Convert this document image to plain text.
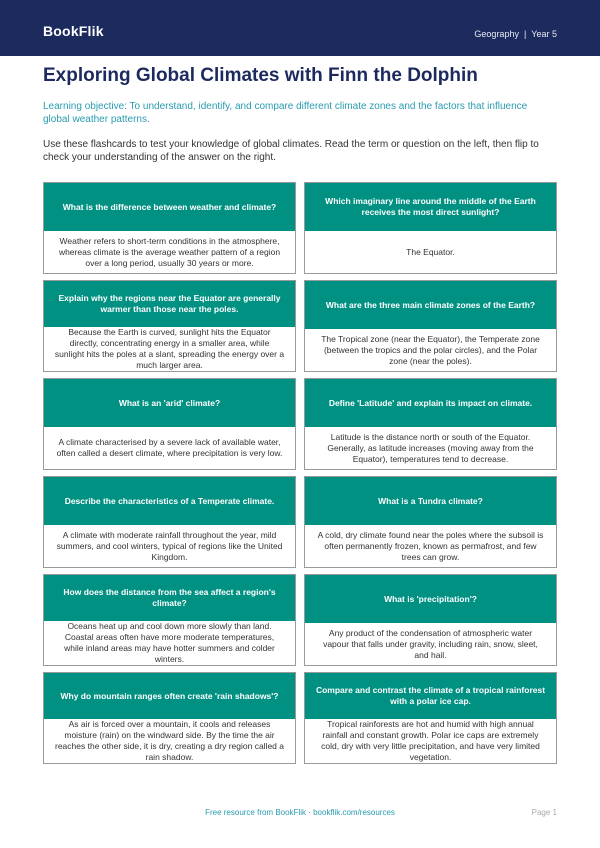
BookFlik	Geography | Year 5
Exploring Global Climates with Finn the Dolphin
Learning objective: To understand, identify, and compare different climate zones and the factors that influence global weather patterns.
Use these flashcards to test your knowledge of global climates. Read the term or question on the left, then flip to check your understanding of the answer on the right.
What is the difference between weather and climate?
Weather refers to short-term conditions in the atmosphere, whereas climate is the average weather pattern of a region over a long period, usually 30 years or more.
Which imaginary line around the middle of the Earth receives the most direct sunlight?
The Equator.
Explain why the regions near the Equator are generally warmer than those near the poles.
Because the Earth is curved, sunlight hits the Equator directly, concentrating energy in a smaller area, while sunlight hits the poles at a slant, spreading the energy over a much larger area.
What are the three main climate zones of the Earth?
The Tropical zone (near the Equator), the Temperate zone (between the tropics and the polar circles), and the Polar zone (near the poles).
What is an 'arid' climate?
A climate characterised by a severe lack of available water, often called a desert climate, where precipitation is very low.
Define 'Latitude' and explain its impact on climate.
Latitude is the distance north or south of the Equator. Generally, as latitude increases (moving away from the Equator), temperatures tend to decrease.
Describe the characteristics of a Temperate climate.
A climate with moderate rainfall throughout the year, mild summers, and cool winters, typical of regions like the United Kingdom.
What is a Tundra climate?
A cold, dry climate found near the poles where the subsoil is often permanently frozen, known as permafrost, and few trees can grow.
How does the distance from the sea affect a region's climate?
Oceans heat up and cool down more slowly than land. Coastal areas often have more moderate temperatures, while inland areas may have hotter summers and colder winters.
What is 'precipitation'?
Any product of the condensation of atmospheric water vapour that falls under gravity, including rain, snow, sleet, and hail.
Why do mountain ranges often create 'rain shadows'?
As air is forced over a mountain, it cools and releases moisture (rain) on the windward side. By the time the air reaches the other side, it is dry, creating a dry region called a rain shadow.
Compare and contrast the climate of a tropical rainforest with a polar ice cap.
Tropical rainforests are hot and humid with high annual rainfall and constant growth. Polar ice caps are extremely cold, dry with very little precipitation, and have very limited vegetation.
Free resource from BookFlik · bookflik.com/resources	Page 1
